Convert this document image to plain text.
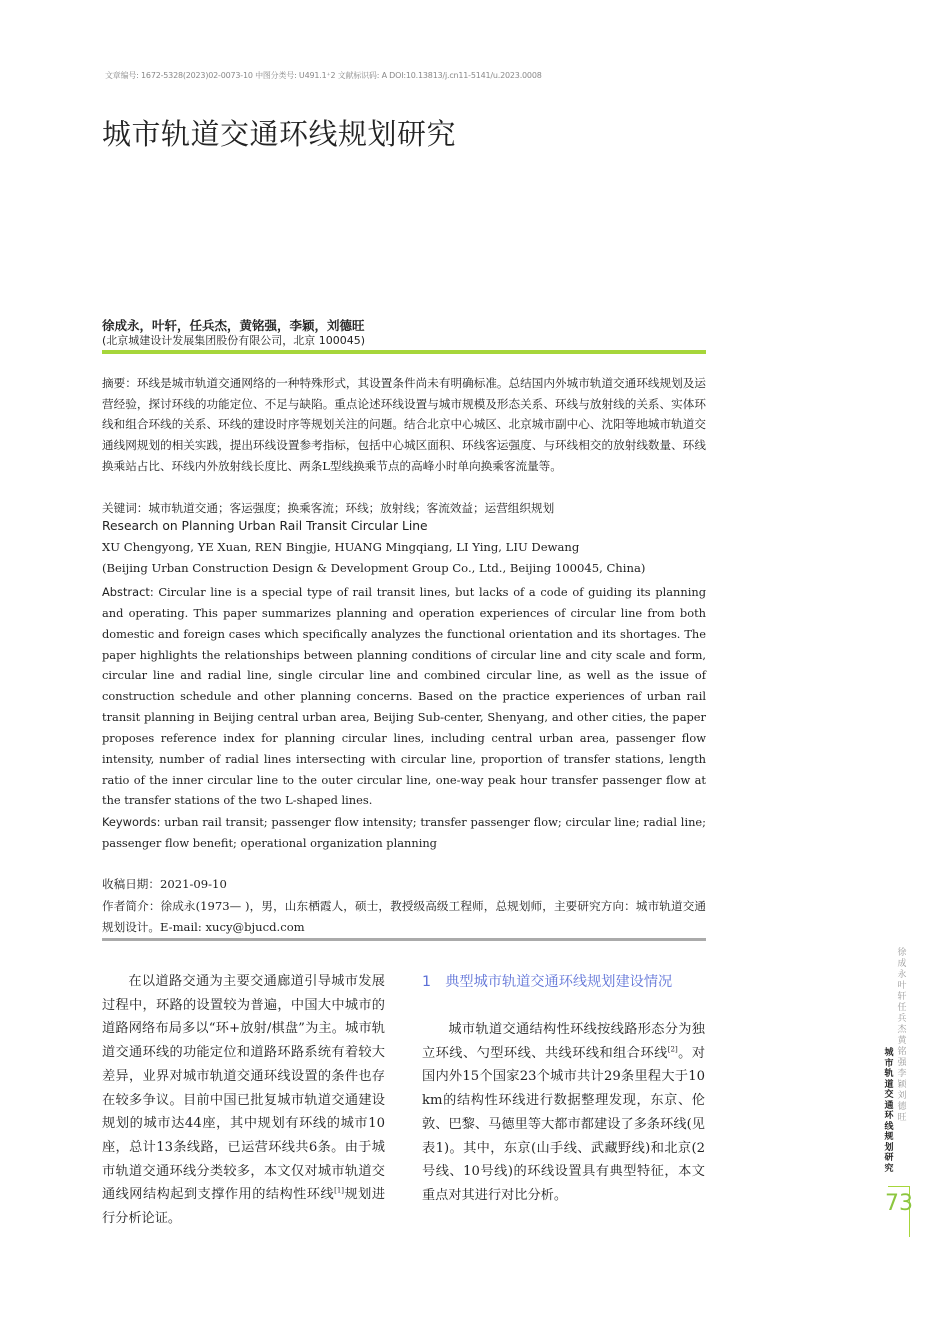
文章编号: 1672-5328(2023)02-0073-10 中图分类号: U491.1⁺2 文献标识码: A DOI:10.13813/j.cn11-5141/u.2023.0008
城市轨道交通环线规划研究
徐成永，叶轩，任兵杰，黄铭强，李颖，刘德旺
(北京城建设计发展集团股份有限公司，北京 100045)
摘要：环线是城市轨道交通网络的一种特殊形式，其设置条件尚未有明确标准。总结国内外城市轨道交通环线规划及运营经验，探讨环线的功能定位、不足与缺陷。重点论述环线设置与城市规模及形态关系、环线与放射线的关系、实体环线和组合环线的关系、环线的建设时序等规划关注的问题。结合北京中心城区、北京城市副中心、沈阳等地城市轨道交通线网规划的相关实践，提出环线设置参考指标，包括中心城区面积、环线客运强度、与环线相交的放射线数量、环线换乘站占比、环线内外放射线长度比、两条L型线换乘节点的高峰小时单向换乘客流量等。
关键词：城市轨道交通；客运强度；换乘客流；环线；放射线；客流效益；运营组织规划
Research on Planning Urban Rail Transit Circular Line
XU Chengyong, YE Xuan, REN Bingjie, HUANG Mingqiang, LI Ying, LIU Dewang
(Beijing Urban Construction Design & Development Group Co., Ltd., Beijing 100045, China)
Abstract: Circular line is a special type of rail transit lines, but lacks of a code of guiding its planning and operating. This paper summarizes planning and operation experiences of circular line from both domestic and foreign cases which specifically analyzes the functional orientation and its shortages. The paper highlights the relationships between planning conditions of circular line and city scale and form, circular line and radial line, single circular line and combined circular line, as well as the issue of construction schedule and other planning concerns. Based on the practice experiences of urban rail transit planning in Beijing central urban area, Beijing Sub-center, Shenyang, and other cities, the paper proposes reference index for planning circular lines, including central urban area, passenger flow intensity, number of radial lines intersecting with circular line, proportion of transfer stations, length ratio of the inner circular line to the outer circular line, one-way peak hour transfer passenger flow at the transfer stations of the two L-shaped lines.
Keywords: urban rail transit; passenger flow intensity; transfer passenger flow; circular line; radial line; passenger flow benefit; operational organization planning
收稿日期：2021-09-10
作者简介：徐成永(1973— )，男，山东栖霞人，硕士，教授级高级工程师，总规划师，主要研究方向：城市轨道交通规划设计。E-mail: xucy@bjucd.com
在以道路交通为主要交通廊道引导城市发展过程中，环路的设置较为普遍，中国大中城市的道路网络布局多以“环+放射/棋盘”为主。城市轨道交通环线的功能定位和道路环路系统有着较大差异，业界对城市轨道交通环线设置的条件也存在较多争议。目前中国已批复城市轨道交通建设规划的城市达44座，其中规划有环线的城市10座，总计13条线路，已运营环线共6条。由于城市轨道交通环线分类较多，本文仅对城市轨道交通线网结构起到支撑作用的结构性环线[1]规划进行分析论证。
1　典型城市轨道交通环线规划建设情况
城市轨道交通结构性环线按线路形态分为独立环线、勺型环线、共线环线和组合环线[2]。对国内外15个国家23个城市共计29条里程大于10 km的结构性环线进行数据整理发现，东京、伦敦、巴黎、马德里等大都市都建设了多条环线(见表1)。其中，东京(山手线、武藏野线)和北京(2号线、10号线)的环线设置具有典型特征，本文重点对其进行对比分析。
徐成永　叶轩　任兵杰　黄铭强　李颖　刘德旺
城市轨道交通环线规划研究
73
